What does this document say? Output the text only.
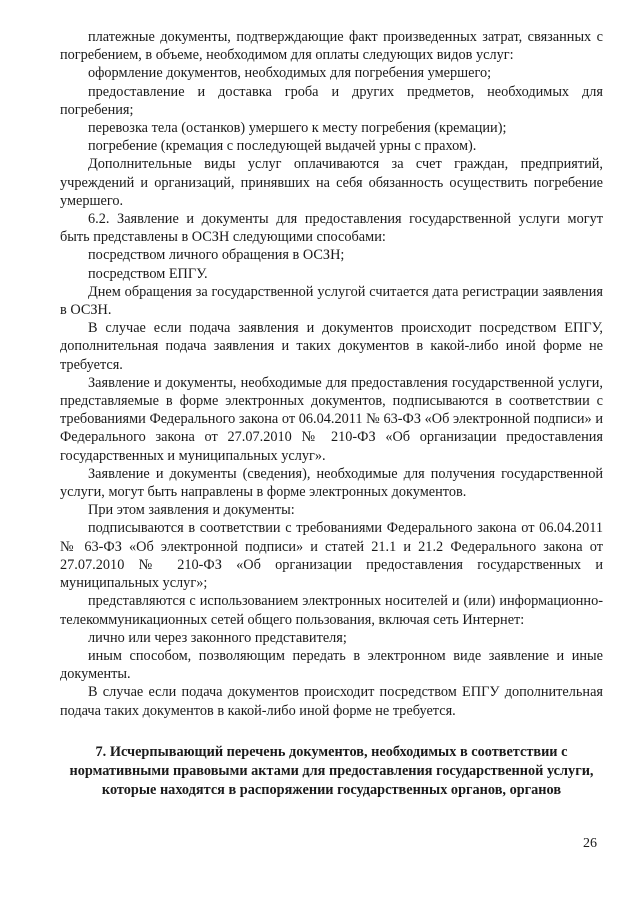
платежные документы, подтверждающие факт произведенных затрат, связанных с погребением, в объеме, необходимом для оплаты следующих видов услуг:

оформление документов, необходимых для погребения умершего;

предоставление и доставка гроба и других предметов, необходимых для погребения;

перевозка тела (останков) умершего к месту погребения (кремации);

погребение (кремация с последующей выдачей урны с прахом).

Дополнительные виды услуг оплачиваются за счет граждан, предприятий, учреждений и организаций, принявших на себя обязанность осуществить погребение умершего.

6.2. Заявление и документы для предоставления государственной услуги могут быть представлены в ОСЗН следующими способами:

посредством личного обращения в ОСЗН;

посредством ЕПГУ.

Днем обращения за государственной услугой считается дата регистрации заявления в ОСЗН.

В случае если подача заявления и документов происходит посредством ЕПГУ, дополнительная подача заявления и таких документов в какой-либо иной форме не требуется.

Заявление и документы, необходимые для предоставления государственной услуги, представляемые в форме электронных документов, подписываются в соответствии с требованиями Федерального закона от 06.04.2011 № 63-ФЗ «Об электронной подписи» и Федерального закона от 27.07.2010 № 210-ФЗ «Об организации предоставления государственных и муниципальных услуг».

Заявление и документы (сведения), необходимые для получения государственной услуги, могут быть направлены в форме электронных документов.

При этом заявления и документы:

подписываются в соответствии с требованиями Федерального закона от 06.04.2011 № 63-ФЗ «Об электронной подписи» и статей 21.1 и 21.2 Федерального закона от 27.07.2010 № 210-ФЗ «Об организации предоставления государственных и муниципальных услуг»;

представляются с использованием электронных носителей и (или) информационно-телекоммуникационных сетей общего пользования, включая сеть Интернет:

лично или через законного представителя;

иным способом, позволяющим передать в электронном виде заявление и иные документы.

В случае если подача документов происходит посредством ЕПГУ дополнительная подача таких документов в какой-либо иной форме не требуется.

7. Исчерпывающий перечень документов, необходимых в соответствии с нормативными правовыми актами для предоставления государственной услуги, которые находятся в распоряжении государственных органов, органов

26
